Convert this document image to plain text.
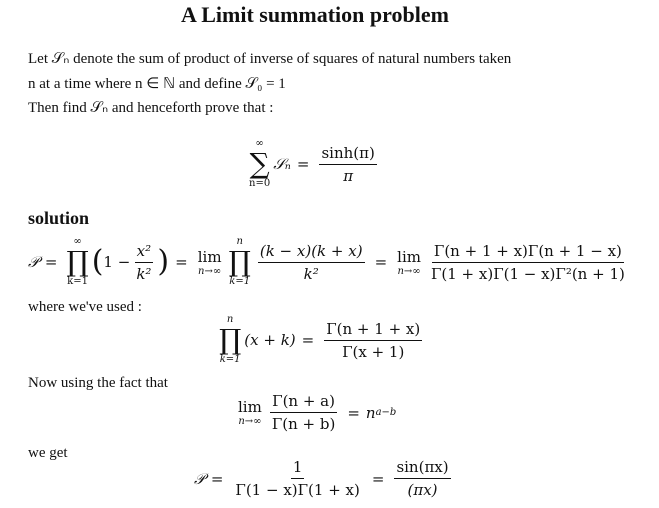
A Limit summation problem
Let 𝒮ₙ denote the sum of product of inverse of squares of natural numbers taken
n at a time where n ∈ ℕ and define 𝒮₀ = 1
Then find 𝒮ₙ and henceforth prove that :
∞
∑
n=0
𝒮ₙ = $\frac{\sinh(\pi)}{\pi}$
solution
𝒫 =
∞
∏
k=1
( $1 - \frac{\text{x²}}{\text{k²}}$ ) = lim
n→∞
n
∏
$k=1 \frac{(k - x)(k + x)}{\text{k²}} = \lim$
$n\to\infty \frac{\Gamma(n + 1 + x)\Gamma(n + 1 - x)}{\text{Γ(1 + x)Γ(1 − x)Γ²(n + 1)}}$
where we've used :
n
∏
k=1
$(x + k) = \frac{\Gamma(n + 1 + x)}{\Gamma(x + 1)}$
Now using the fact that
lim
$n\to\infty \frac{\Gamma(n + a)}{\Gamma(n + b)} = n$ a−b
we get
𝒫 = $\frac{1}{\Gamma(1 - x)\Gamma(1 + x)} = \frac{\sin(\pi x)}{(\pi x)}$
